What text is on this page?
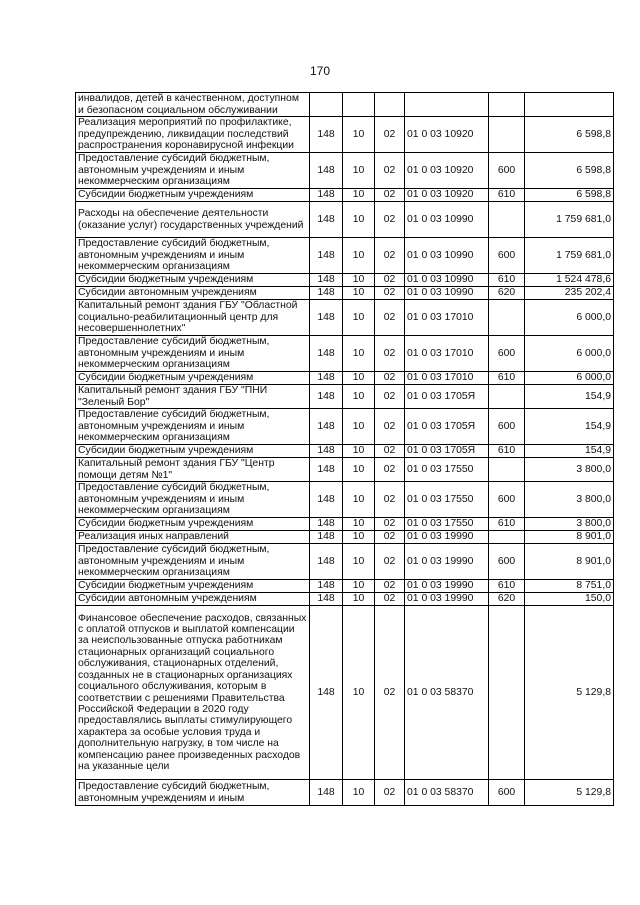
170
инвалидов, детей в качественном, доступном и безопасном социальном обслуживании						
Реализация мероприятий по профилактике, предупреждению, ликвидации последствий распространения коронавирусной инфекции	148	10	02	01 0 03 10920		6 598,8
Предоставление субсидий бюджетным, автономным учреждениям и иным некоммерческим организациям	148	10	02	01 0 03 10920	600	6 598,8
Субсидии бюджетным учреждениям	148	10	02	01 0 03 10920	610	6 598,8
Расходы на обеспечение деятельности (оказание услуг) государственных учреждений	148	10	02	01 0 03 10990		1 759 681,0
Предоставление субсидий бюджетным, автономным учреждениям и иным некоммерческим организациям	148	10	02	01 0 03 10990	600	1 759 681,0
Субсидии бюджетным учреждениям	148	10	02	01 0 03 10990	610	1 524 478,6
Субсидии автономным учреждениям	148	10	02	01 0 03 10990	620	235 202,4
Капитальный ремонт здания ГБУ "Областной социально-реабилитационный центр для несовершеннолетних"	148	10	02	01 0 03 17010		6 000,0
Предоставление субсидий бюджетным, автономным учреждениям и иным некоммерческим организациям	148	10	02	01 0 03 17010	600	6 000,0
Субсидии бюджетным учреждениям	148	10	02	01 0 03 17010	610	6 000,0
Капитальный ремонт здания ГБУ "ПНИ "Зеленый Бор"	148	10	02	01 0 03 1705Я		154,9
Предоставление субсидий бюджетным, автономным учреждениям и иным некоммерческим организациям	148	10	02	01 0 03 1705Я	600	154,9
Субсидии бюджетным учреждениям	148	10	02	01 0 03 1705Я	610	154,9
Капитальный ремонт здания ГБУ "Центр помощи детям №1"	148	10	02	01 0 03 17550		3 800,0
Предоставление субсидий бюджетным, автономным учреждениям и иным некоммерческим организациям	148	10	02	01 0 03 17550	600	3 800,0
Субсидии бюджетным учреждениям	148	10	02	01 0 03 17550	610	3 800,0
Реализация иных направлений	148	10	02	01 0 03 19990		8 901,0
Предоставление субсидий бюджетным, автономным учреждениям и иным некоммерческим организациям	148	10	02	01 0 03 19990	600	8 901,0
Субсидии бюджетным учреждениям	148	10	02	01 0 03 19990	610	8 751,0
Субсидии автономным учреждениям	148	10	02	01 0 03 19990	620	150,0
Финансовое обеспечение расходов, связанных с оплатой отпусков и выплатой компенсации за неиспользованные отпуска работникам стационарных организаций социального обслуживания, стационарных отделений, созданных не в стационарных организациях социального обслуживания, которым в соответствии с решениями Правительства Российской Федерации в 2020 году предоставлялись выплаты стимулирующего характера за особые условия труда и дополнительную нагрузку, в том числе на компенсацию ранее произведенных расходов на указанные цели	148	10	02	01 0 03 58370		5 129,8
Предоставление субсидий бюджетным, автономным учреждениям и иным	148	10	02	01 0 03 58370	600	5 129,8
